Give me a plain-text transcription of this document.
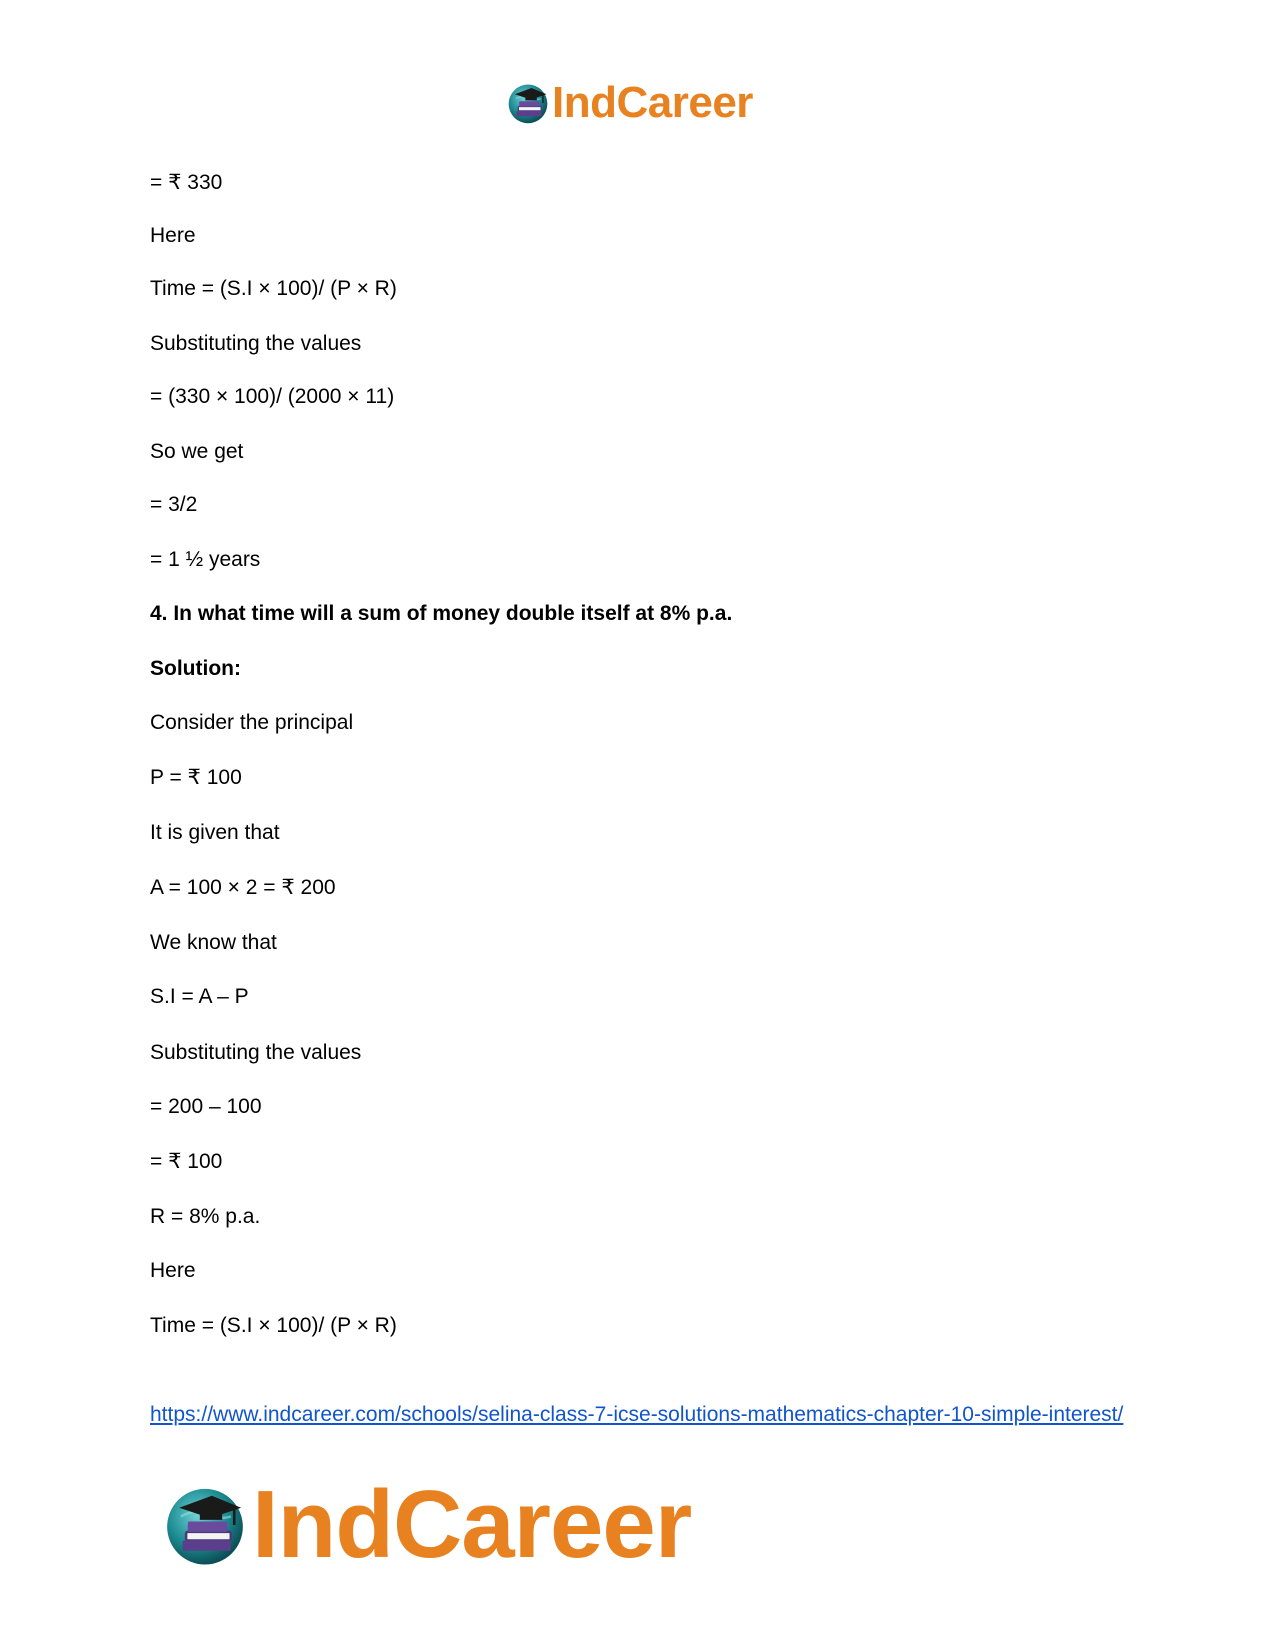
IndCareer
= ₹ 330
Here
Time = (S.I × 100)/ (P × R)
Substituting the values
= (330 × 100)/ (2000 × 11)
So we get
= 3/2
= 1 ½ years
4. In what time will a sum of money double itself at 8% p.a.
Solution:
Consider the principal
P = ₹ 100
It is given that
A = 100 × 2 = ₹ 200
We know that
S.I = A – P
Substituting the values
= 200 – 100
= ₹ 100
R = 8% p.a.
Here
Time = (S.I × 100)/ (P × R)
https://www.indcareer.com/schools/selina-class-7-icse-solutions-mathematics-chapter-10-simple-interest/
IndCareer
